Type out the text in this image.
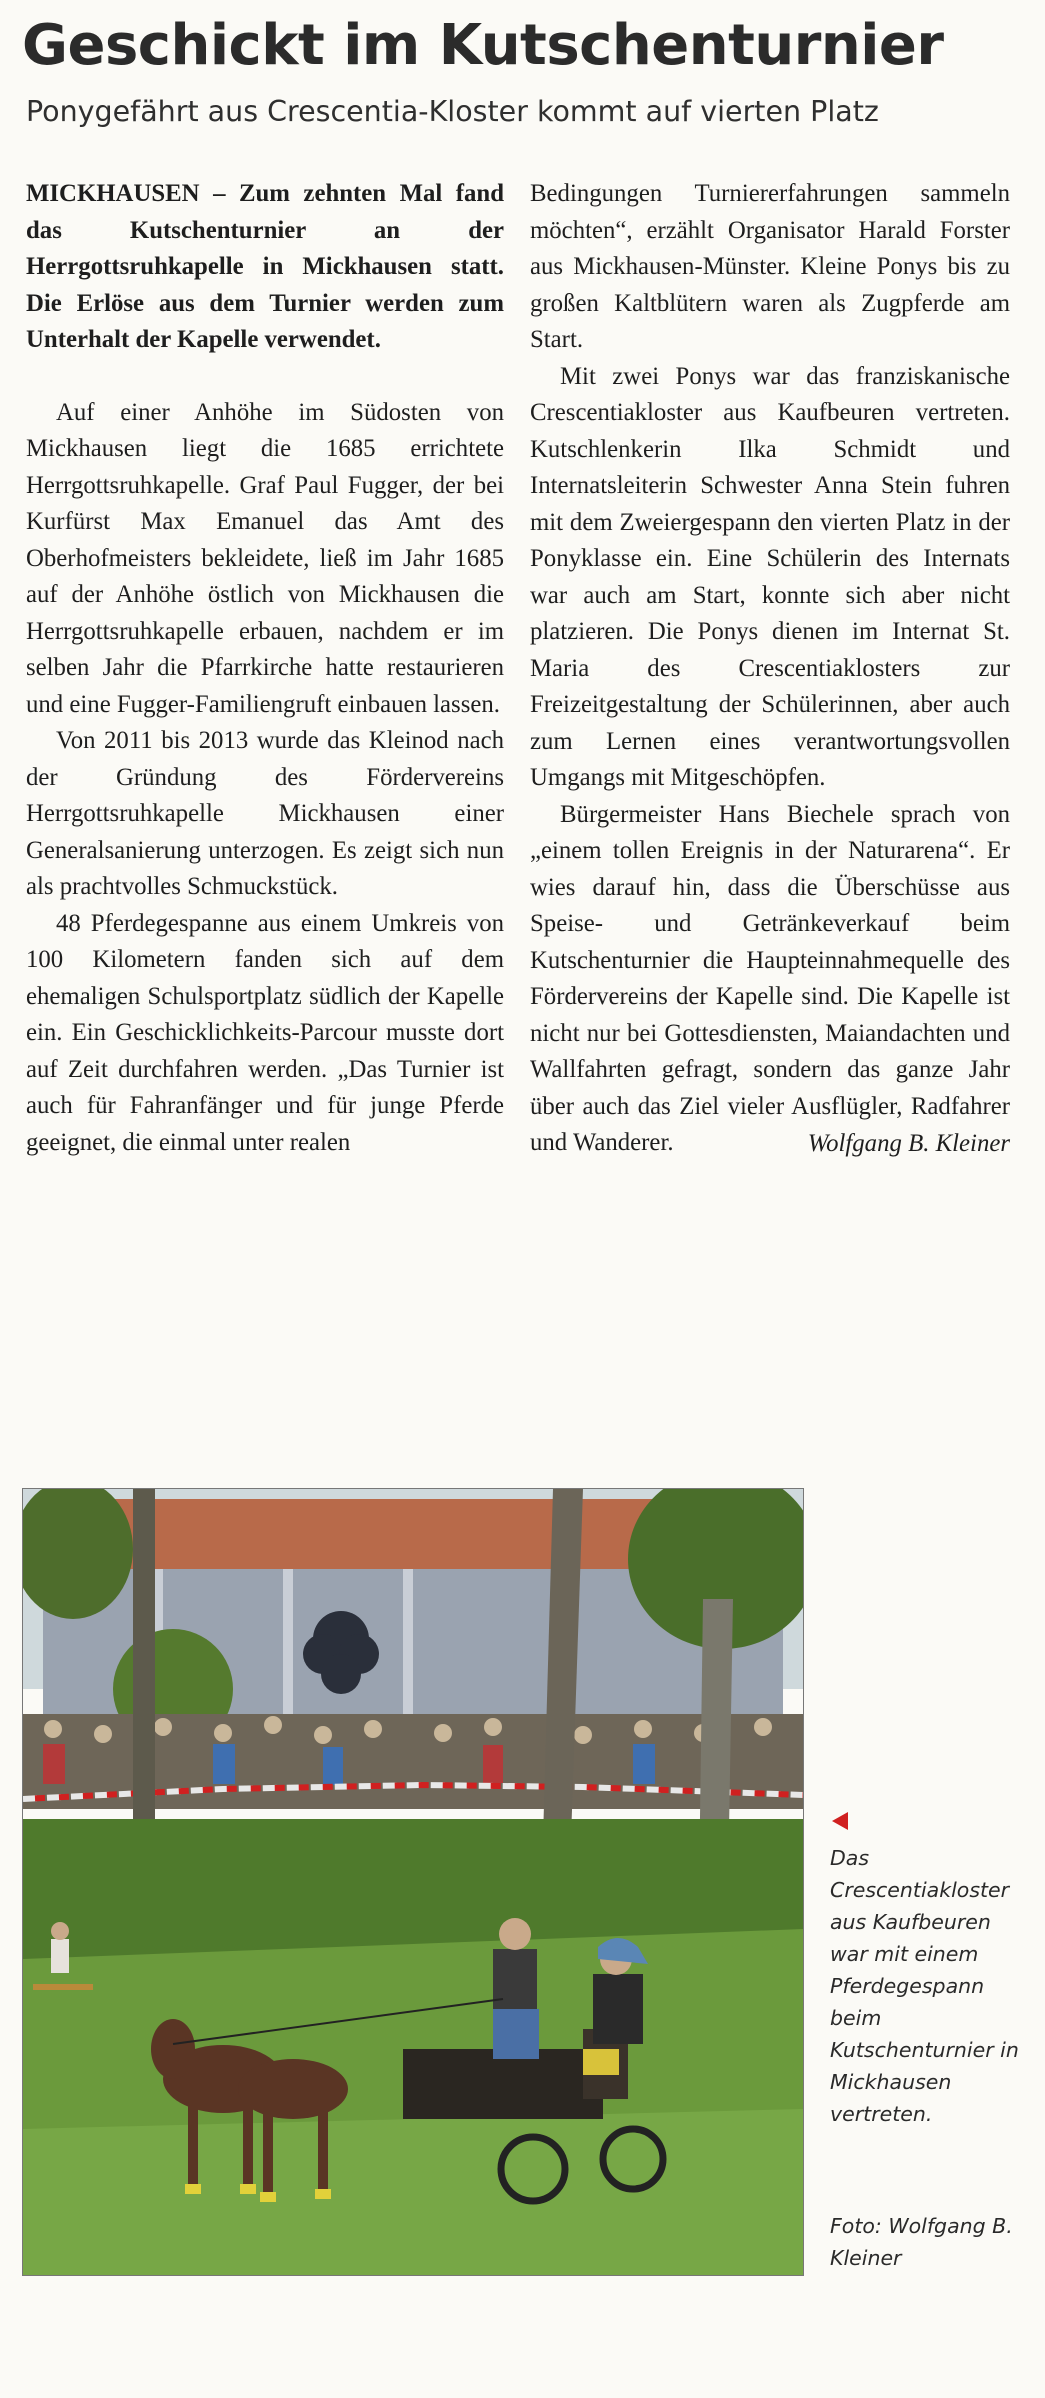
Geschickt im Kutschenturnier
Ponygefährt aus Crescentia-Kloster kommt auf vierten Platz

MICKHAUSEN – Zum zehnten Mal fand das Kutschenturnier an der Herrgottsruhkapelle in Mickhausen statt. Die Erlöse aus dem Turnier werden zum Unterhalt der Kapelle verwendet.

Auf einer Anhöhe im Südosten von Mickhausen liegt die 1685 errichtete Herrgottsruhkapelle. Graf Paul Fugger, der bei Kurfürst Max Emanuel das Amt des Oberhofmeisters bekleidete, ließ im Jahr 1685 auf der Anhöhe östlich von Mickhausen die Herrgottsruhkapelle erbauen, nachdem er im selben Jahr die Pfarrkirche hatte restaurieren und eine Fugger-Familiengruft einbauen lassen.

Von 2011 bis 2013 wurde das Kleinod nach der Gründung des Fördervereins Herrgottsruhkapelle Mickhausen einer Generalsanierung unterzogen. Es zeigt sich nun als prachtvolles Schmuckstück.

48 Pferdegespanne aus einem Umkreis von 100 Kilometern fanden sich auf dem ehemaligen Schulsportplatz südlich der Kapelle ein. Ein Geschicklichkeits-Parcour musste dort auf Zeit durchfahren werden. „Das Turnier ist auch für Fahranfänger und für junge Pferde geeignet, die einmal unter realen

Bedingungen Turniererfahrungen sammeln möchten“, erzählt Organisator Harald Forster aus Mickhausen-Münster. Kleine Ponys bis zu großen Kaltblütern waren als Zugpferde am Start.

Mit zwei Ponys war das franziskanische Crescentiakloster aus Kaufbeuren vertreten. Kutschlenkerin Ilka Schmidt und Internatsleiterin Schwester Anna Stein fuhren mit dem Zweiergespann den vierten Platz in der Ponyklasse ein. Eine Schülerin des Internats war auch am Start, konnte sich aber nicht platzieren. Die Ponys dienen im Internat St. Maria des Crescentiaklosters zur Freizeitgestaltung der Schülerinnen, aber auch zum Lernen eines verantwortungsvollen Umgangs mit Mitgeschöpfen.

Bürgermeister Hans Biechele sprach von „einem tollen Ereignis in der Naturarena“. Er wies darauf hin, dass die Überschüsse aus Speise- und Getränkeverkauf beim Kutschenturnier die Haupteinnahmequelle des Fördervereins der Kapelle sind. Die Kapelle ist nicht nur bei Gottesdiensten, Maiandachten und Wallfahrten gefragt, sondern das ganze Jahr über auch das Ziel vieler Ausflügler, Radfahrer und Wanderer.	Wolfgang B. Kleiner

Das Crescentiakloster aus Kaufbeuren war mit einem Pferdegespann beim Kutschenturnier in Mickhausen vertreten.
Foto: Wolfgang B. Kleiner
